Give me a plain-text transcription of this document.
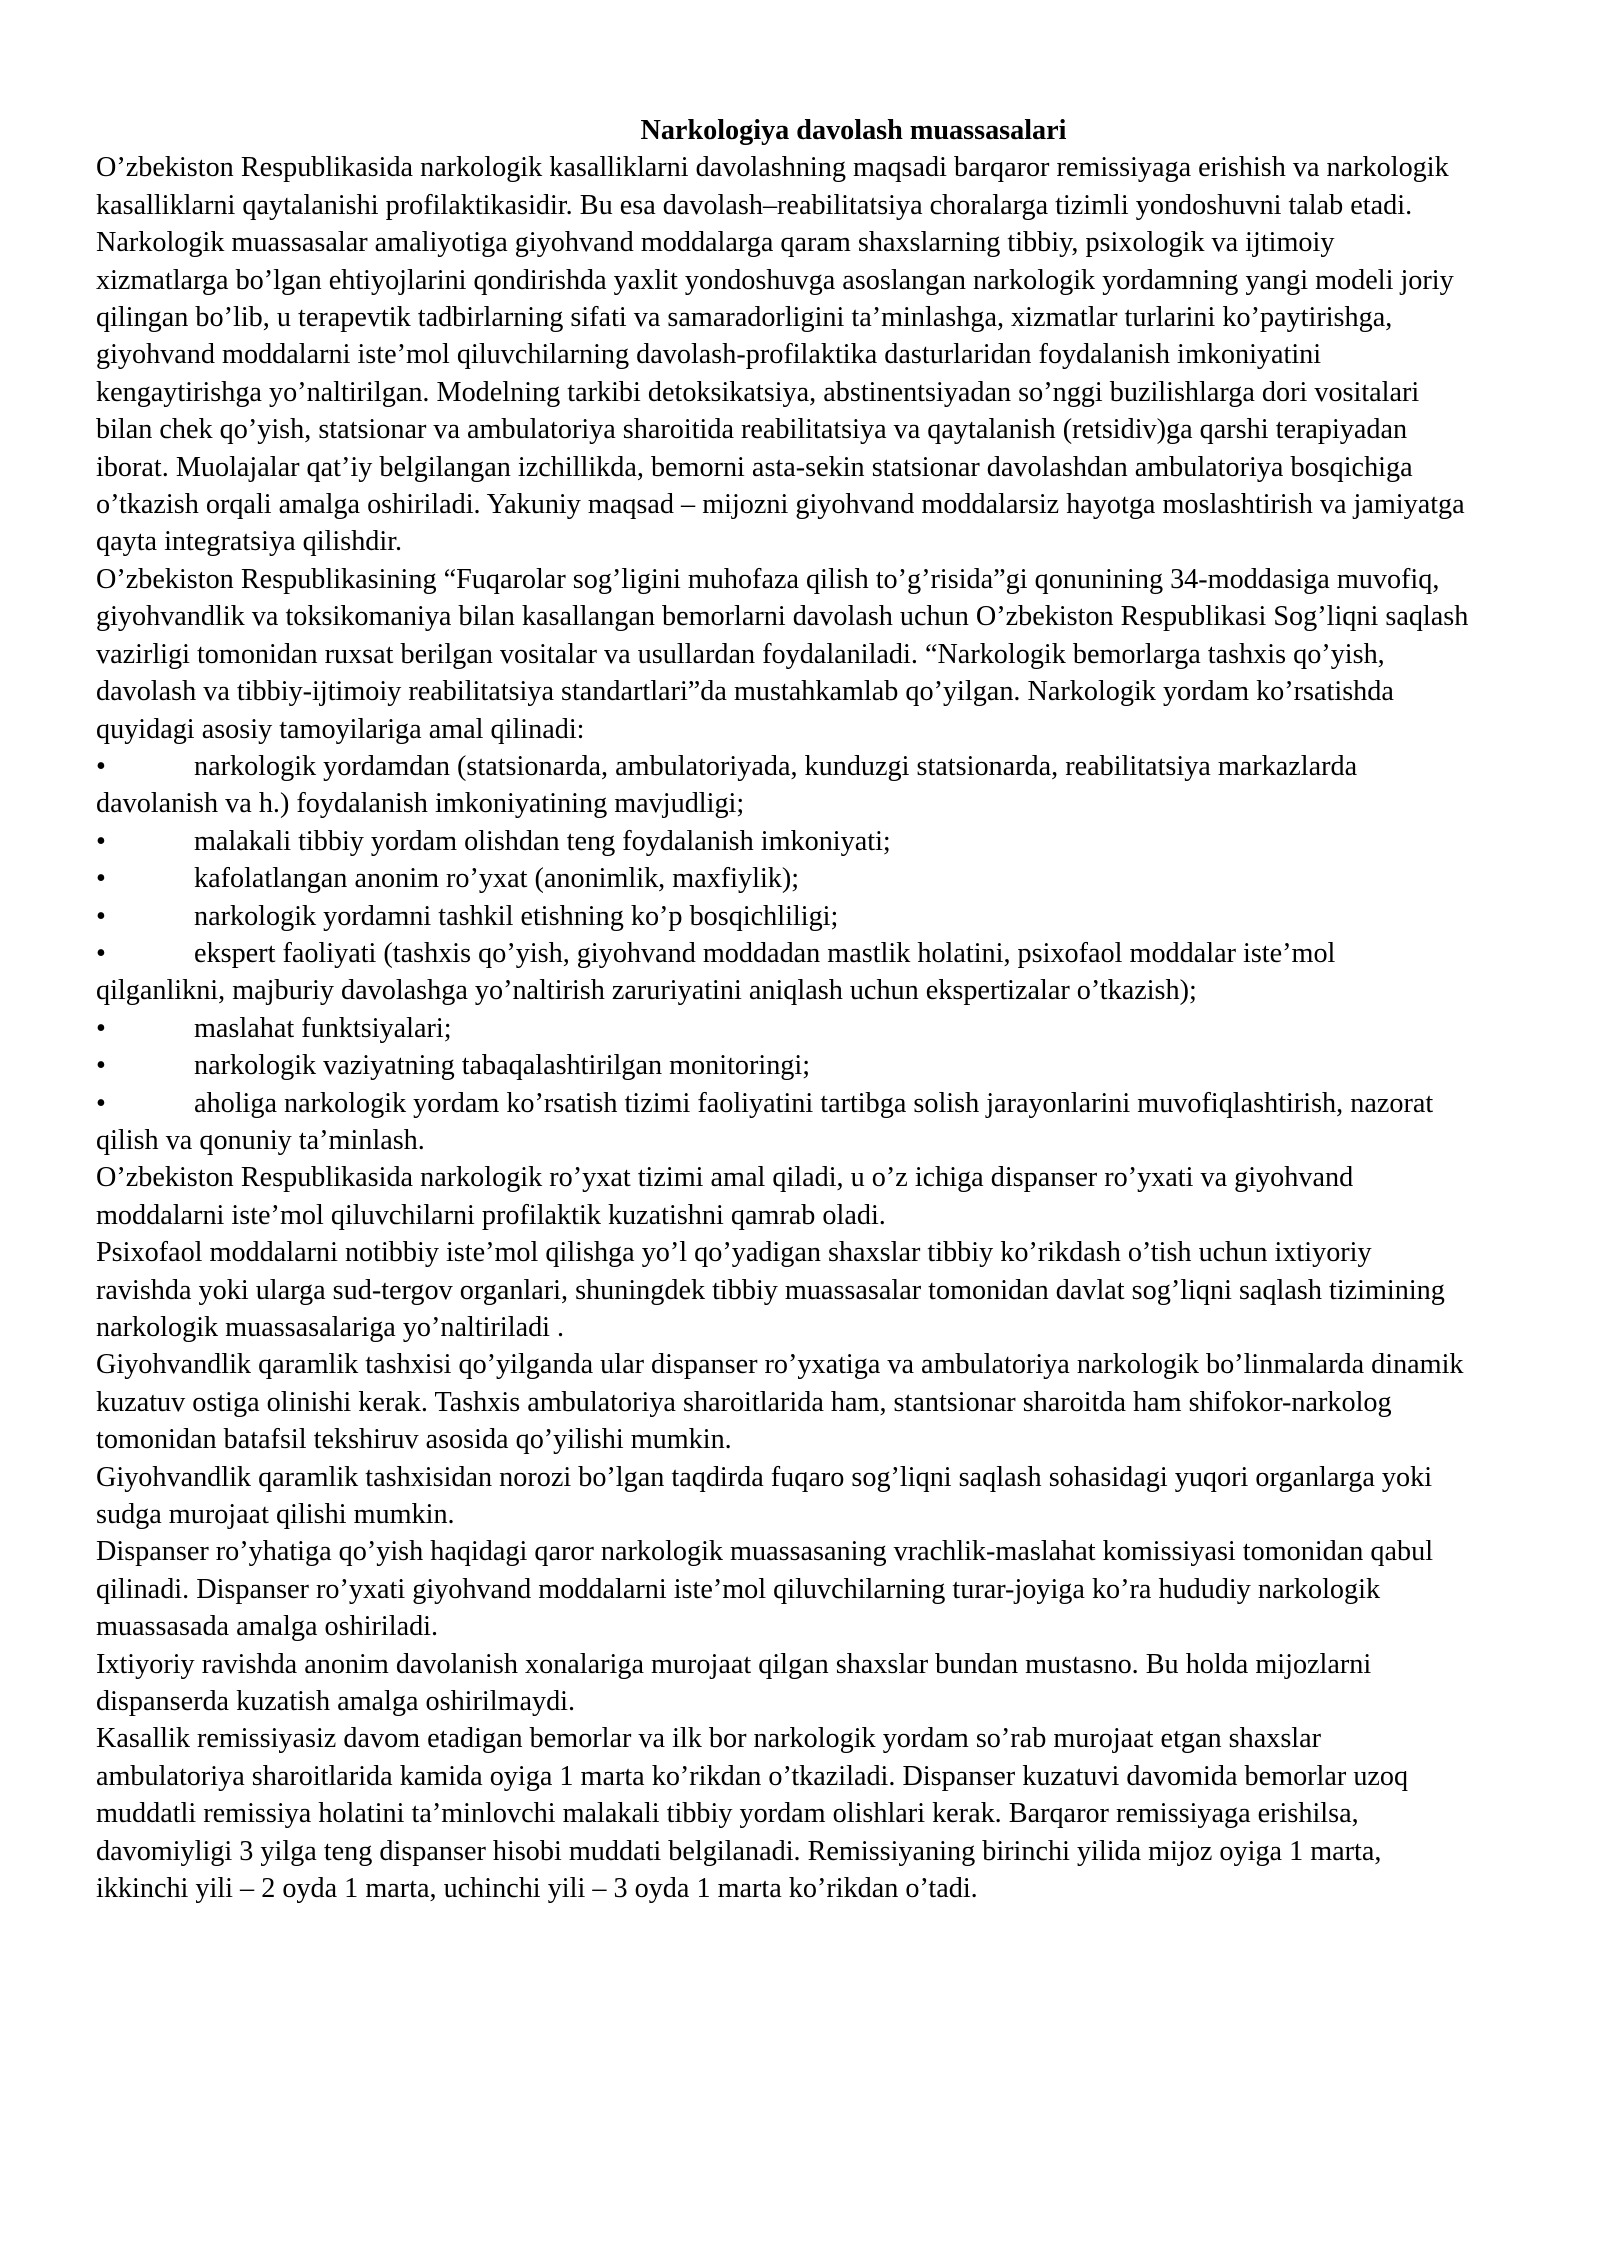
Narkologiya davolash muassasalari

O’zbekiston Respublikasida narkologik kasalliklarni davolashning maqsadi barqaror remissiyaga erishish va narkologik kasalliklarni qaytalanishi profilaktikasidir. Bu esa davolash–reabilitatsiya choralarga tizimli yondoshuvni talab etadi.

Narkologik muassasalar amaliyotiga giyohvand moddalarga qaram shaxslarning tibbiy, psixologik va ijtimoiy xizmatlarga bo’lgan ehtiyojlarini qondirishda yaxlit yondoshuvga asoslangan narkologik yordamning yangi modeli joriy qilingan bo’lib, u terapevtik tadbirlarning sifati va samaradorligini ta’minlashga, xizmatlar turlarini ko’paytirishga, giyohvand moddalarni iste’mol qiluvchilarning davolash-profilaktika dasturlaridan foydalanish imkoniyatini kengaytirishga yo’naltirilgan. Modelning tarkibi detoksikatsiya, abstinentsiyadan so’nggi buzilishlarga dori vositalari bilan chek qo’yish, statsionar va ambulatoriya sharoitida reabilitatsiya va qaytalanish (retsidiv)ga qarshi terapiyadan iborat. Muolajalar qat’iy belgilangan izchillikda, bemorni asta-sekin statsionar davolashdan ambulatoriya bosqichiga o’tkazish orqali amalga oshiriladi. Yakuniy maqsad – mijozni giyohvand moddalarsiz hayotga moslashtirish va jamiyatga qayta integratsiya qilishdir.

O’zbekiston Respublikasining “Fuqarolar sog’ligini muhofaza qilish to’g’risida”gi qonunining 34-moddasiga muvofiq, giyohvandlik va toksikomaniya bilan kasallangan bemorlarni davolash uchun O’zbekiston Respublikasi Sog’liqni saqlash vazirligi tomonidan ruxsat berilgan vositalar va usullardan foydalaniladi. “Narkologik bemorlarga tashxis qo’yish, davolash va tibbiy-ijtimoiy reabilitatsiya standartlari”da mustahkamlab qo’yilgan. Narkologik yordam ko’rsatishda quyidagi asosiy tamoyilariga amal qilinadi:

•	narkologik yordamdan (statsionarda, ambulatoriyada, kunduzgi statsionarda, reabilitatsiya markazlarda davolanish va h.) foydalanish imkoniyatining mavjudligi;

•	malakali tibbiy yordam olishdan teng foydalanish imkoniyati;

•	kafolatlangan anonim ro’yxat (anonimlik, maxfiylik);

•	narkologik yordamni tashkil etishning ko’p bosqichliligi;

•	ekspert faoliyati (tashxis qo’yish, giyohvand moddadan mastlik holatini, psixofaol moddalar iste’mol qilganlikni, majburiy davolashga yo’naltirish zaruriyatini aniqlash uchun ekspertizalar o’tkazish);

•	maslahat funktsiyalari;

•	narkologik vaziyatning tabaqalashtirilgan monitoringi;

•	aholiga narkologik yordam ko’rsatish tizimi faoliyatini tartibga solish jarayonlarini muvofiqlashtirish, nazorat qilish va qonuniy ta’minlash.

O’zbekiston Respublikasida narkologik ro’yxat tizimi amal qiladi, u o’z ichiga dispanser ro’yxati va giyohvand moddalarni iste’mol qiluvchilarni profilaktik kuzatishni qamrab oladi.

Psixofaol moddalarni notibbiy iste’mol qilishga yo’l qo’yadigan shaxslar tibbiy ko’rikdash o’tish uchun ixtiyoriy ravishda yoki ularga sud-tergov organlari, shuningdek tibbiy muassasalar tomonidan davlat sog’liqni saqlash tizimining narkologik muassasalariga yo’naltiriladi .

Giyohvandlik qaramlik tashxisi qo’yilganda ular dispanser ro’yxatiga va ambulatoriya narkologik bo’linmalarda dinamik kuzatuv ostiga olinishi kerak. Tashxis ambulatoriya sharoitlarida ham, stantsionar sharoitda ham shifokor-narkolog tomonidan batafsil tekshiruv asosida qo’yilishi mumkin.

Giyohvandlik qaramlik tashxisidan norozi bo’lgan taqdirda fuqaro sog’liqni saqlash sohasidagi yuqori organlarga yoki sudga murojaat qilishi mumkin.

Dispanser ro’yhatiga qo’yish haqidagi qaror narkologik muassasaning vrachlik-maslahat komissiyasi tomonidan qabul qilinadi. Dispanser ro’yxati giyohvand moddalarni iste’mol qiluvchilarning turar-joyiga ko’ra hududiy narkologik muassasada amalga oshiriladi.

Ixtiyoriy ravishda anonim davolanish xonalariga murojaat qilgan shaxslar bundan mustasno. Bu holda mijozlarni dispanserda kuzatish amalga oshirilmaydi.

Kasallik remissiyasiz davom etadigan bemorlar va ilk bor narkologik yordam so’rab murojaat etgan shaxslar ambulatoriya sharoitlarida kamida oyiga 1 marta ko’rikdan o’tkaziladi. Dispanser kuzatuvi davomida bemorlar uzoq muddatli remissiya holatini ta’minlovchi malakali tibbiy yordam olishlari kerak. Barqaror remissiyaga erishilsa, davomiyligi 3 yilga teng dispanser hisobi muddati belgilanadi. Remissiyaning birinchi yilida mijoz oyiga 1 marta, ikkinchi yili – 2 oyda 1 marta, uchinchi yili – 3 oyda 1 marta ko’rikdan o’tadi.
